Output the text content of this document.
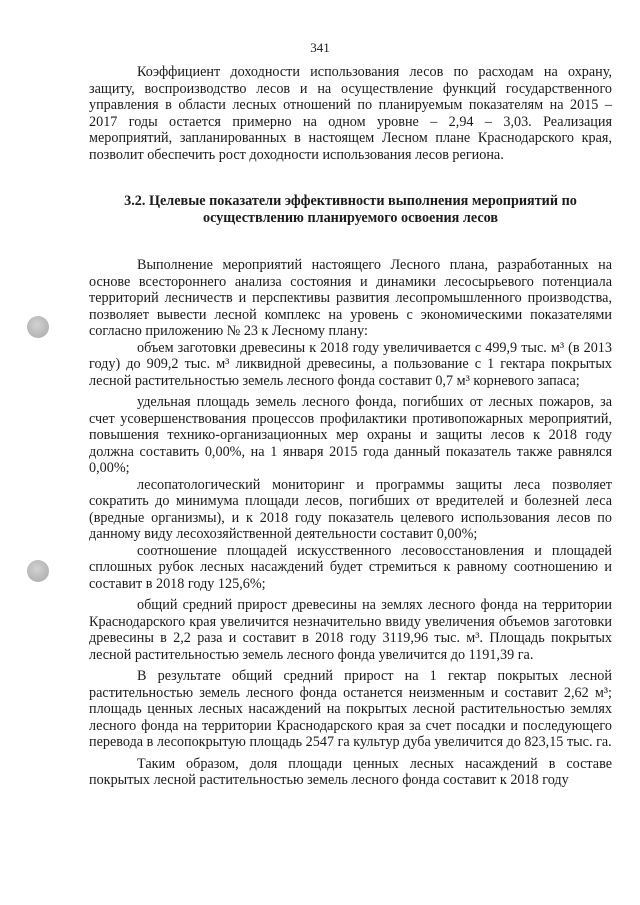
341

Коэффициент доходности использования лесов по расходам на охрану, защиту, воспроизводство лесов и на осуществление функций государственного управления в области лесных отношений по планируемым показателям на 2015 – 2017 годы остается примерно на одном уровне – 2,94 – 3,03. Реализация мероприятий, запланированных в настоящем Лесном плане Краснодарского края, позволит обеспечить рост доходности использования лесов региона.

3.2. Целевые показатели эффективности выполнения мероприятий по осуществлению планируемого освоения лесов

Выполнение мероприятий настоящего Лесного плана, разработанных на основе всестороннего анализа состояния и динамики лесосырьевого потенциала территорий лесничеств и перспективы развития лесопромышленного производства, позволяет вывести лесной комплекс на уровень с экономическими показателями согласно приложению № 23 к Лесному плану:

объем заготовки древесины к 2018 году увеличивается с 499,9 тыс. м³ (в 2013 году) до 909,2 тыс. м³ ликвидной древесины, а пользование с 1 гектара покрытых лесной растительностью земель лесного фонда составит 0,7 м³ корневого запаса;

удельная площадь земель лесного фонда, погибших от лесных пожаров, за счет усовершенствования процессов профилактики противопожарных мероприятий, повышения технико-организационных мер охраны и защиты лесов к 2018 году должна составить 0,00%, на 1 января 2015 года данный показатель также равнялся 0,00%;

лесопатологический мониторинг и программы защиты леса позволяет сократить до минимума площади лесов, погибших от вредителей и болезней леса (вредные организмы), и к 2018 году показатель целевого использования лесов по данному виду лесохозяйственной деятельности составит 0,00%;

соотношение площадей искусственного лесовосстановления и площадей сплошных рубок лесных насаждений будет стремиться к равному соотношению и составит в 2018 году 125,6%;

общий средний прирост древесины на землях лесного фонда на территории Краснодарского края увеличится незначительно ввиду увеличения объемов заготовки древесины в 2,2 раза и составит в 2018 году 3119,96 тыс. м³. Площадь покрытых лесной растительностью земель лесного фонда увеличится до 1191,39 га.

В результате общий средний прирост на 1 гектар покрытых лесной растительностью земель лесного фонда останется неизменным и составит 2,62 м³; площадь ценных лесных насаждений на покрытых лесной растительностью землях лесного фонда на территории Краснодарского края за счет посадки и последующего перевода в лесопокрытую площадь 2547 га культур дуба увеличится до 823,15 тыс. га.

Таким образом, доля площади ценных лесных насаждений в составе покрытых лесной растительностью земель лесного фонда составит к 2018 году
